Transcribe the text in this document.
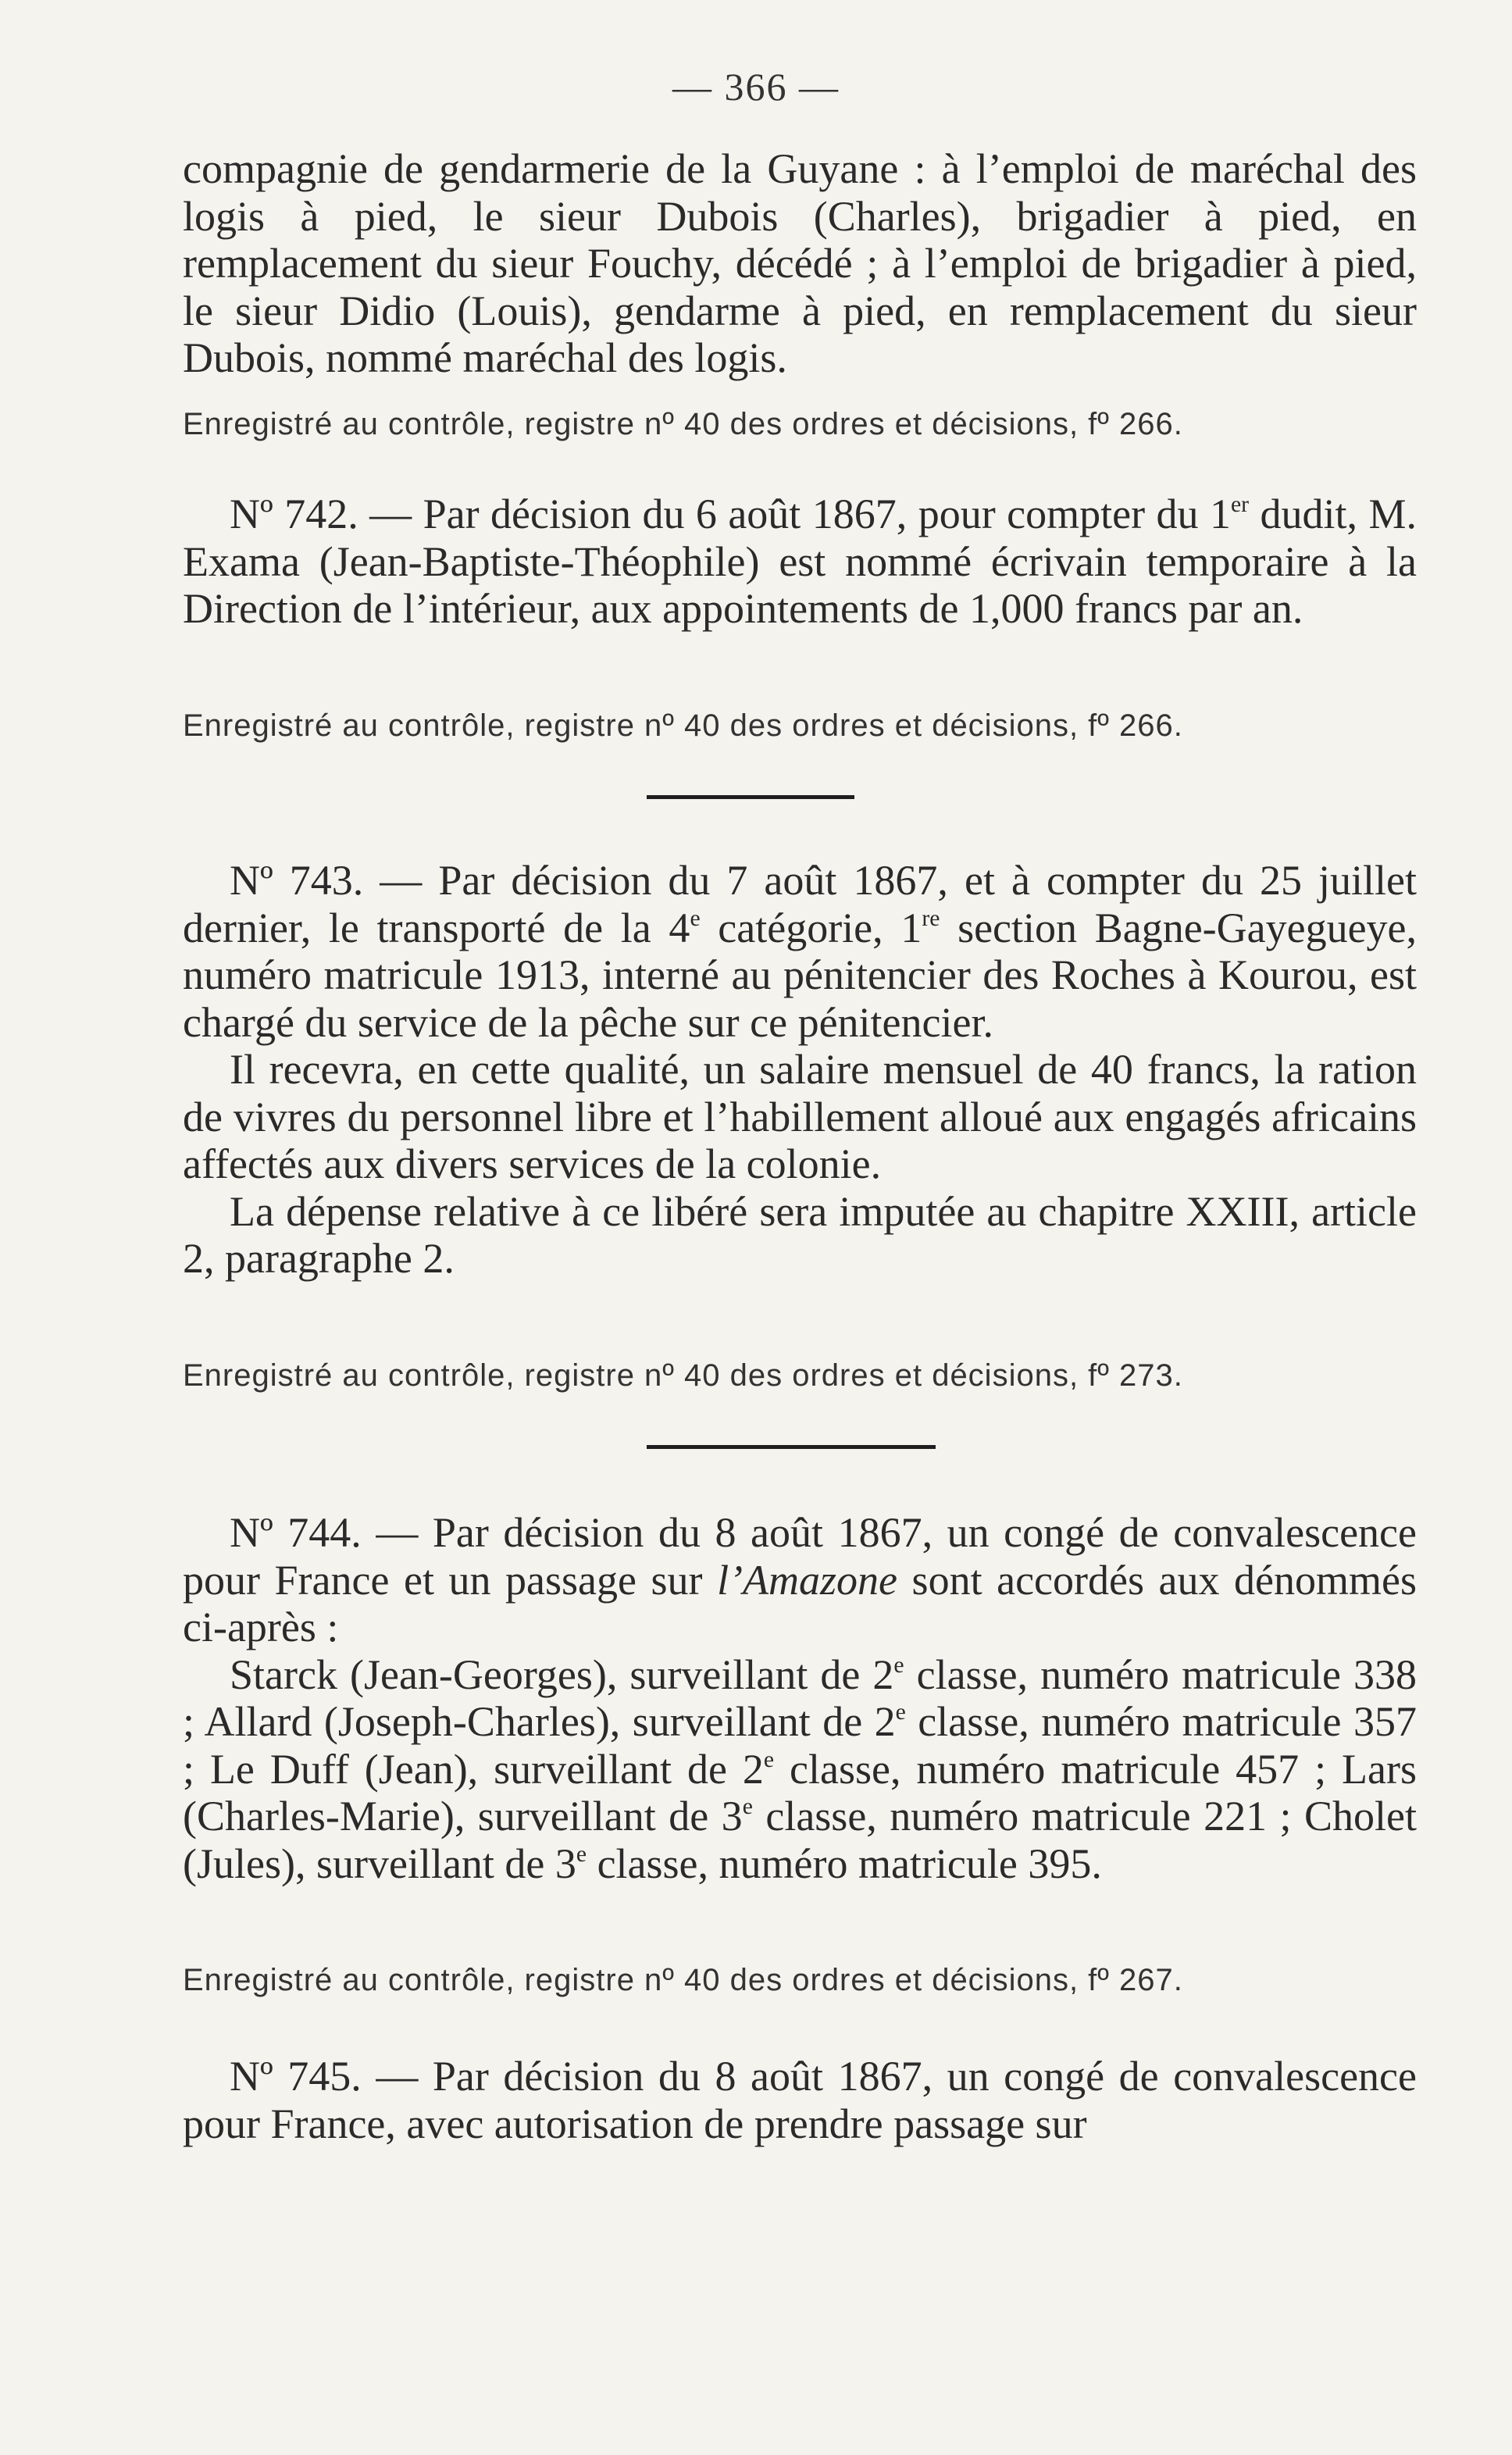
— 366 —

compagnie de gendarmerie de la Guyane : à l’emploi de maréchal des logis à pied, le sieur Dubois (Charles), brigadier à pied, en remplacement du sieur Fouchy, décédé ; à l’emploi de brigadier à pied, le sieur Didio (Louis), gendarme à pied, en remplacement du sieur Dubois, nommé maréchal des logis.

Enregistré au contrôle, registre nº 40 des ordres et décisions, fº 266.

Nº 742. — Par décision du 6 août 1867, pour compter du 1er dudit, M. Exama (Jean-Baptiste-Théophile) est nommé écrivain temporaire à la Direction de l’intérieur, aux appointements de 1,000 francs par an.

Enregistré au contrôle, registre nº 40 des ordres et décisions, fº 266.

Nº 743. — Par décision du 7 août 1867, et à compter du 25 juillet dernier, le transporté de la 4e catégorie, 1re section Bagne-Gayegueye, numéro matricule 1913, interné au pénitencier des Roches à Kourou, est chargé du service de la pêche sur ce pénitencier.

Il recevra, en cette qualité, un salaire mensuel de 40 francs, la ration de vivres du personnel libre et l’habillement alloué aux engagés africains affectés aux divers services de la colonie.

La dépense relative à ce libéré sera imputée au chapitre XXIII, article 2, paragraphe 2.

Enregistré au contrôle, registre nº 40 des ordres et décisions, fº 273.

Nº 744. — Par décision du 8 août 1867, un congé de convalescence pour France et un passage sur l’Amazone sont accordés aux dénommés ci-après :

Starck (Jean-Georges), surveillant de 2e classe, numéro matricule 338 ; Allard (Joseph-Charles), surveillant de 2e classe, numéro matricule 357 ; Le Duff (Jean), surveillant de 2e classe, numéro matricule 457 ; Lars (Charles-Marie), surveillant de 3e classe, numéro matricule 221 ; Cholet (Jules), surveillant de 3e classe, numéro matricule 395.

Enregistré au contrôle, registre nº 40 des ordres et décisions, fº 267.

Nº 745. — Par décision du 8 août 1867, un congé de convalescence pour France, avec autorisation de prendre passage sur
